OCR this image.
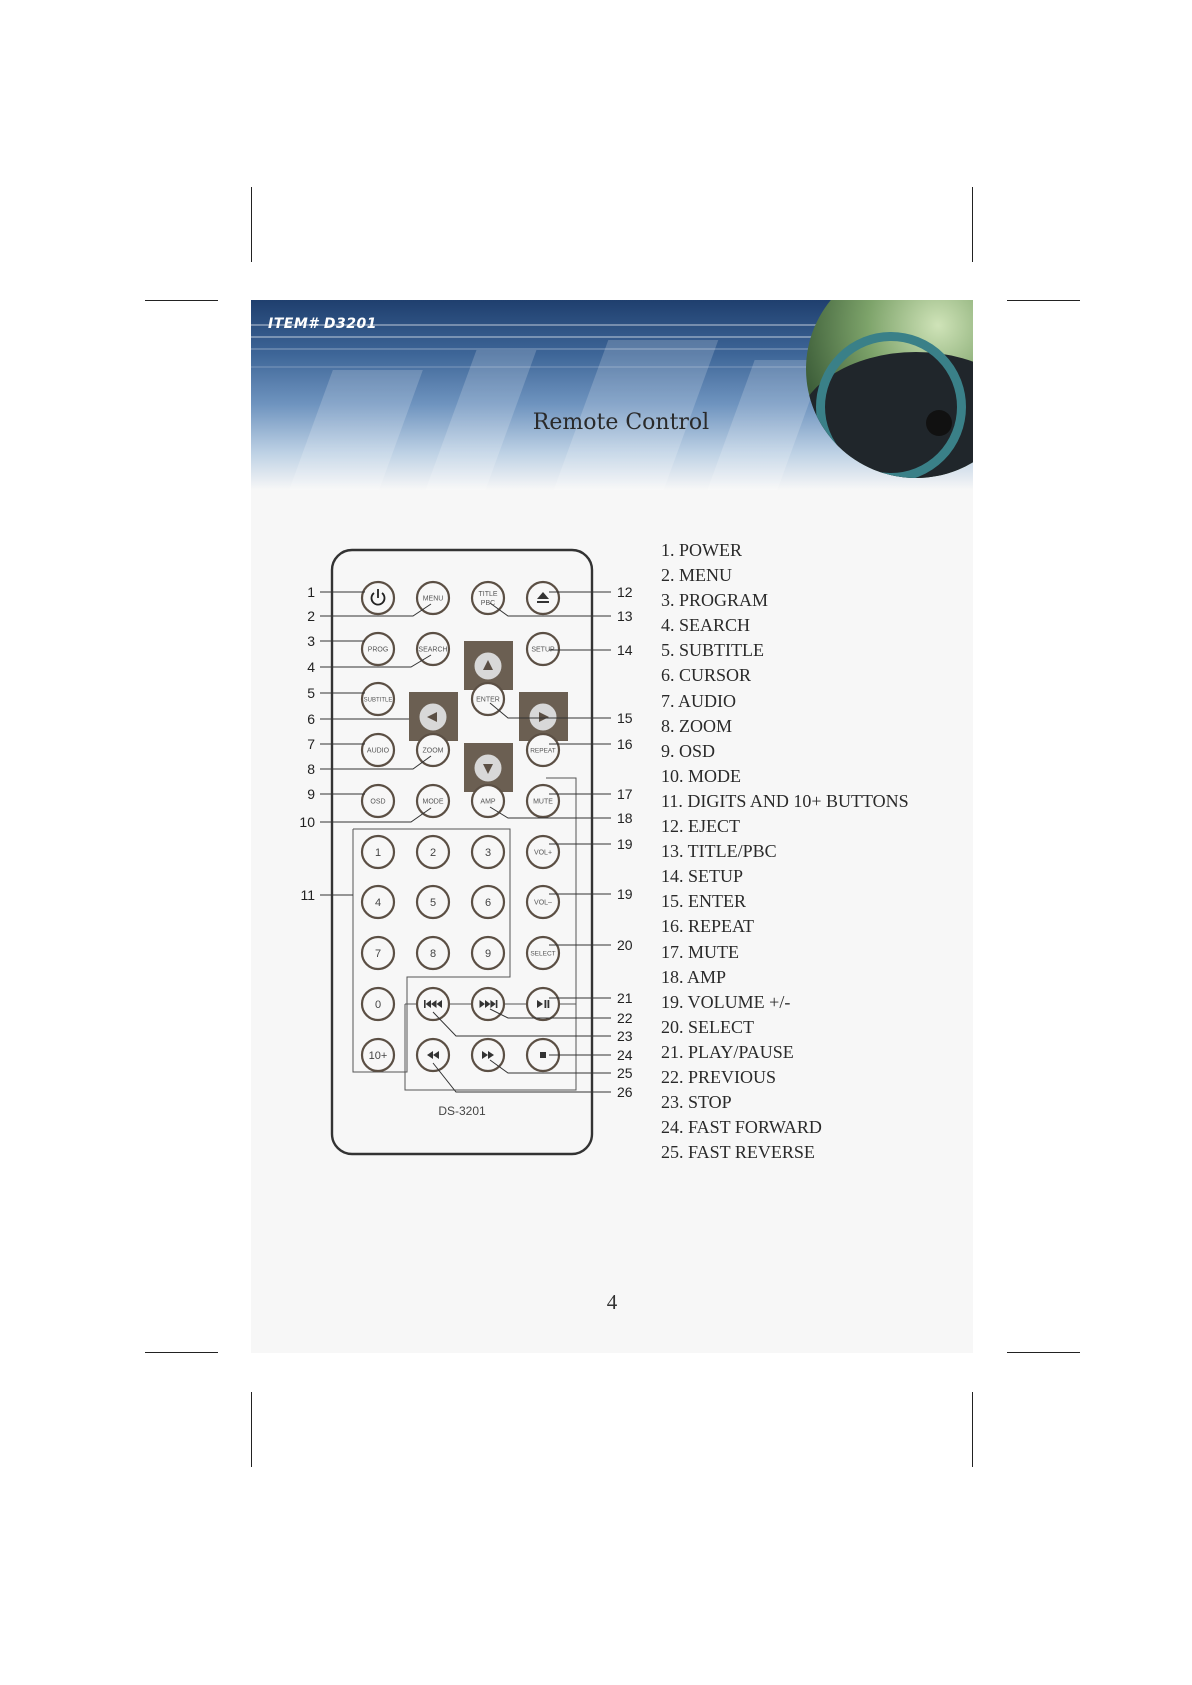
ITEM# D3201
Remote Control
MENU
TITLE
PBC
PROG	SEARCH	SETUP
SUBTITLE	ENTER
AUDIO	ZOOM	REPEAT
OSD	MODE	AMP	MUTE
VOL+
VOL–
SELECT
1	2	3
4	5	6
7	8	9
0
10+
DS-3201
1
2
3
4
5
6
7
8
9
10
11
12
13
14
15
16
17
18
19
19
20
21
22
23
24
25
26
1. POWER
2. MENU
3. PROGRAM
4. SEARCH
5. SUBTITLE
6. CURSOR
7. AUDIO
8. ZOOM
9. OSD
10. MODE
11. DIGITS AND 10+ BUTTONS
12. EJECT
13. TITLE/PBC
14. SETUP
15. ENTER
16. REPEAT
17. MUTE
18. AMP
19. VOLUME +/-
20. SELECT
21. PLAY/PAUSE
22. PREVIOUS
23. STOP
24. FAST FORWARD
25. FAST REVERSE
4
